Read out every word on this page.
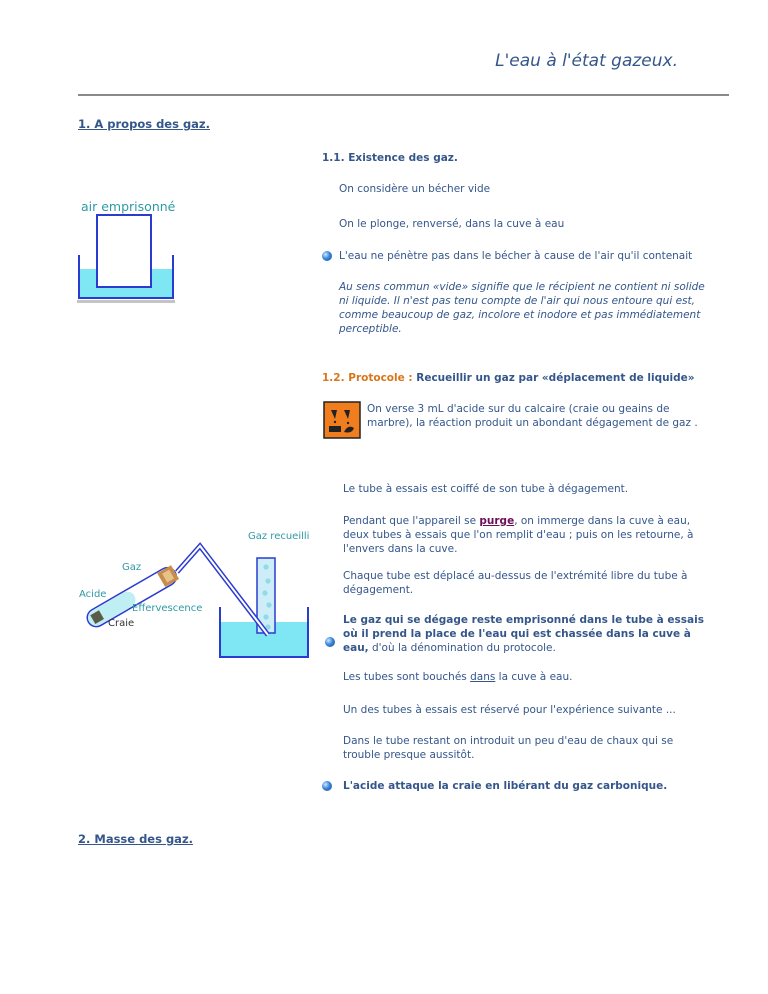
L'eau à l'état gazeux.
1. A propos des gaz.
1.1. Existence des gaz.
air emprisonné
On considère un bécher vide
On le plonge, renversé, dans la cuve à eau
L'eau ne pénètre pas dans le bécher à cause de l'air qu'il contenait
Au sens commun «vide» signifie que le récipient ne contient ni solide ni liquide. Il n'est pas tenu compte de l'air qui nous entoure qui est, comme beaucoup de gaz, incolore et inodore et pas immédiatement perceptible.
1.2. Protocole : Recueillir un gaz par «déplacement de liquide»
On verse 3 mL d'acide sur du calcaire (craie ou geains de marbre), la réaction produit un abondant dégagement de gaz .
Gaz recueilli
Gaz
Acide
Effervescence
Craie
Le tube à essais est coiffé de son tube à dégagement.
Pendant que l'appareil se purge, on immerge dans la cuve à eau, deux tubes à essais que l'on remplit d'eau ; puis on les retourne, à l'envers dans la cuve.
Chaque tube est déplacé au-dessus de l'extrémité libre du tube à dégagement.
Le gaz qui se dégage reste emprisonné dans le tube à essais où il prend la place de l'eau qui est chassée dans la cuve à eau, d'où la dénomination du protocole.
Les tubes sont bouchés dans la cuve à eau.
Un des tubes à essais est réservé pour l'expérience suivante ...
Dans le tube restant on introduit un peu d'eau de chaux qui se trouble presque aussitôt.
L'acide attaque la craie en libérant du gaz carbonique.
2. Masse des gaz.
